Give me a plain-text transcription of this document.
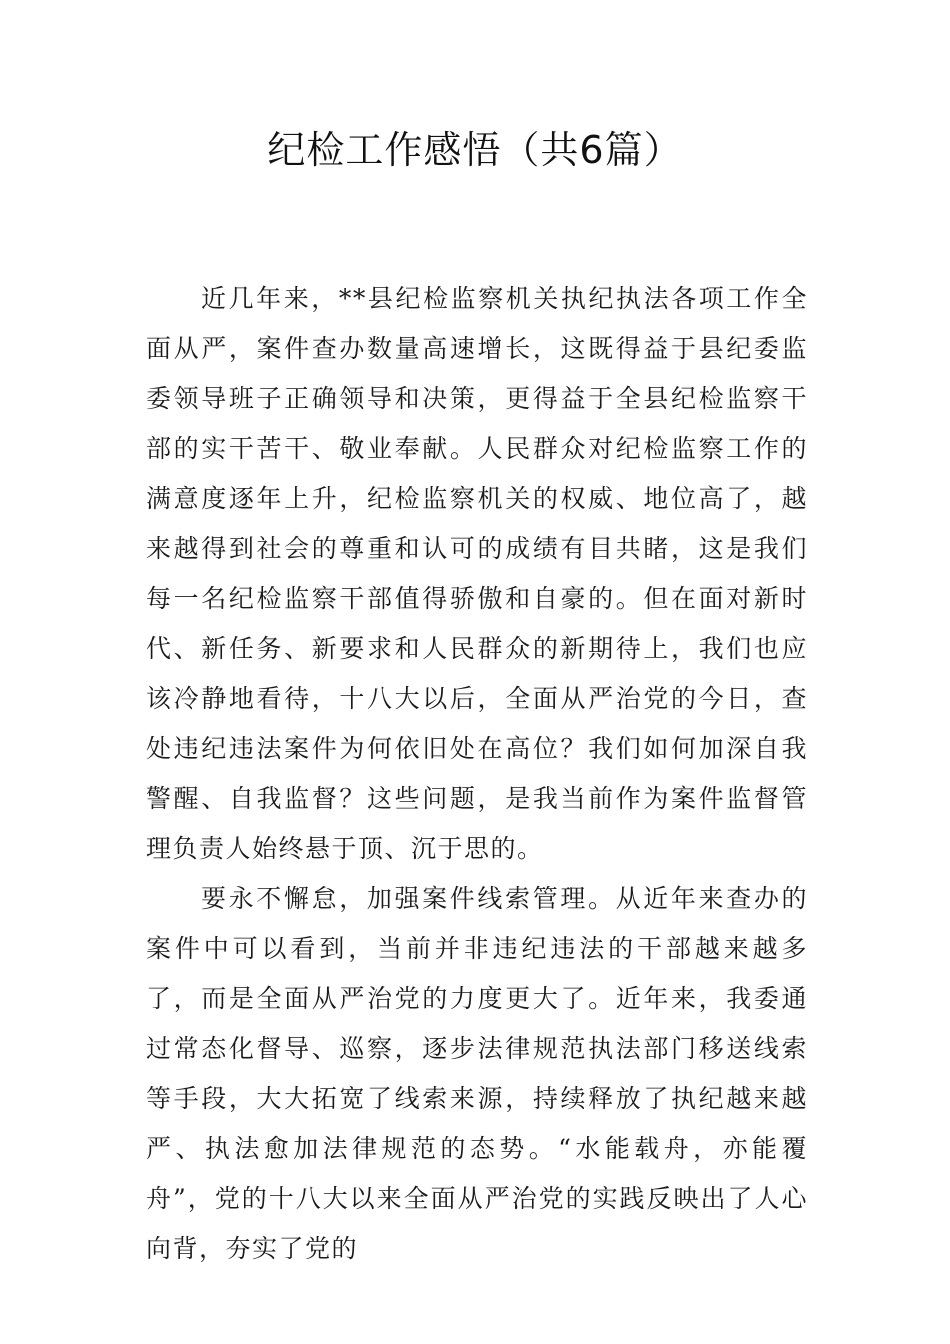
纪检工作感悟（共6篇）

近几年来，**县纪检监察机关执纪执法各项工作全面从严，案件查办数量高速增长，这既得益于县纪委监委领导班子正确领导和决策，更得益于全县纪检监察干部的实干苦干、敬业奉献。人民群众对纪检监察工作的满意度逐年上升，纪检监察机关的权威、地位高了，越来越得到社会的尊重和认可的成绩有目共睹，这是我们每一名纪检监察干部值得骄傲和自豪的。但在面对新时代、新任务、新要求和人民群众的新期待上，我们也应该冷静地看待，十八大以后，全面从严治党的今日，查处违纪违法案件为何依旧处在高位？我们如何加深自我警醒、自我监督？这些问题，是我当前作为案件监督管理负责人始终悬于顶、沉于思的。

要永不懈怠，加强案件线索管理。从近年来查办的案件中可以看到，当前并非违纪违法的干部越来越多了，而是全面从严治党的力度更大了。近年来，我委通过常态化督导、巡察，逐步法律规范执法部门移送线索等手段，大大拓宽了线索来源，持续释放了执纪越来越严、执法愈加法律规范的态势。“水能载舟，亦能覆舟”，党的十八大以来全面从严治党的实践反映出了人心向背，夯实了党的
